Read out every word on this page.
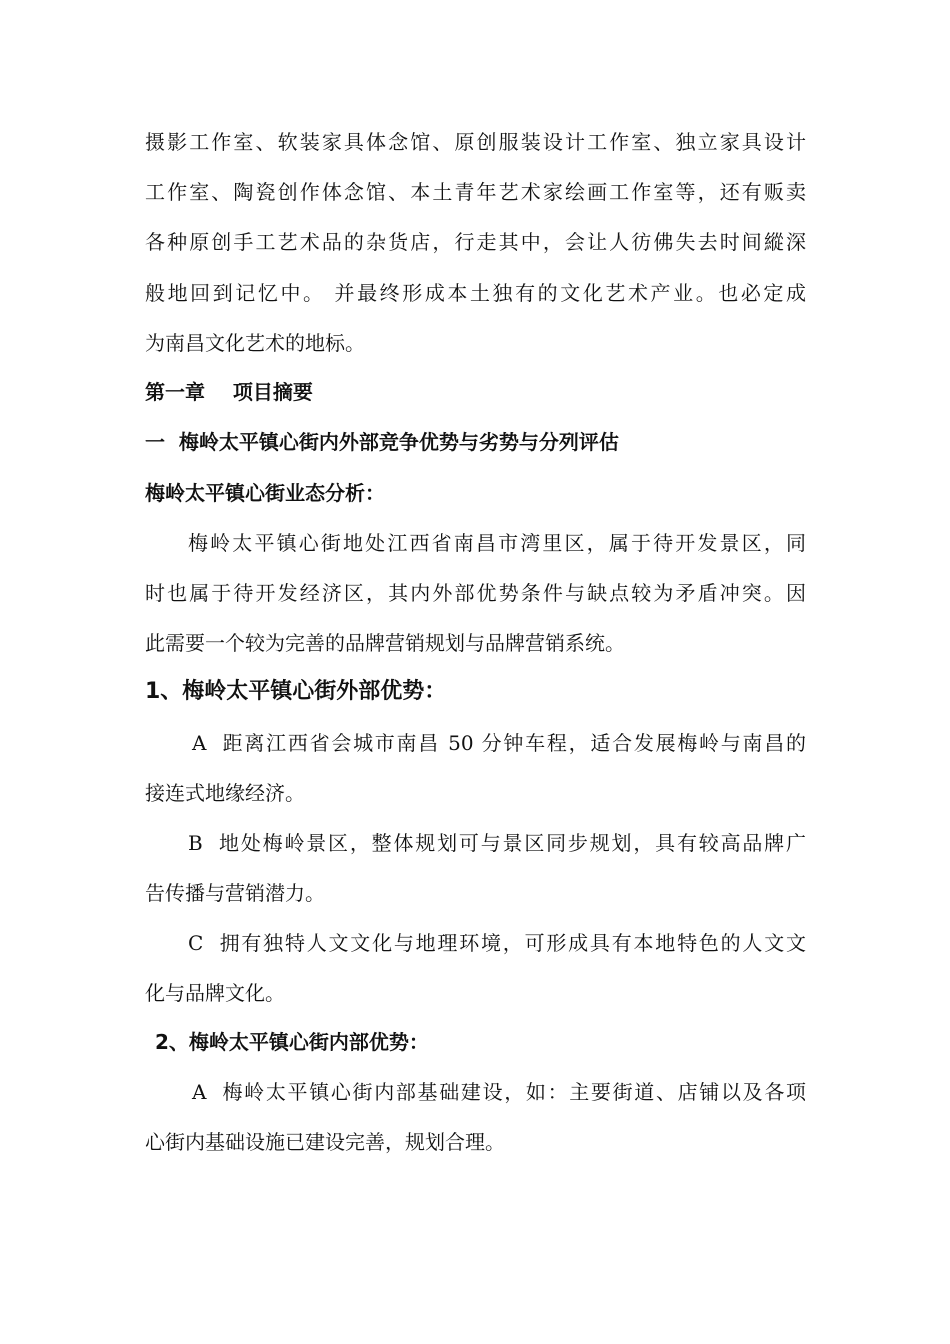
摄影工作室、软装家具体念馆、原创服装设计工作室、独立家具设计
工作室、陶瓷创作体念馆、本土青年艺术家绘画工作室等，还有贩卖
各种原创手工艺术品的杂货店，行走其中，会让人彷佛失去时间縱深
般地回到记忆中。 并最终形成本土独有的文化艺术产业。也必定成
为南昌文化艺术的地标。
第一章    项目摘要
一  梅岭太平镇心街内外部竞争优势与劣势与分列评估
梅岭太平镇心街业态分析：
梅岭太平镇心街地处江西省南昌市湾里区，属于待开发景区，同
时也属于待开发经济区，其内外部优势条件与缺点较为矛盾冲突。因
此需要一个较为完善的品牌营销规划与品牌营销系统。
1、梅岭太平镇心街外部优势：
A  距离江西省会城市南昌 50 分钟车程，适合发展梅岭与南昌的
接连式地缘经济。
B  地处梅岭景区，整体规划可与景区同步规划，具有较高品牌广
告传播与营销潜力。
C  拥有独特人文文化与地理环境，可形成具有本地特色的人文文
化与品牌文化。
2、梅岭太平镇心街内部优势：
A  梅岭太平镇心街内部基础建设，如：主要街道、店铺以及各项
心街内基础设施已建设完善，规划合理。
